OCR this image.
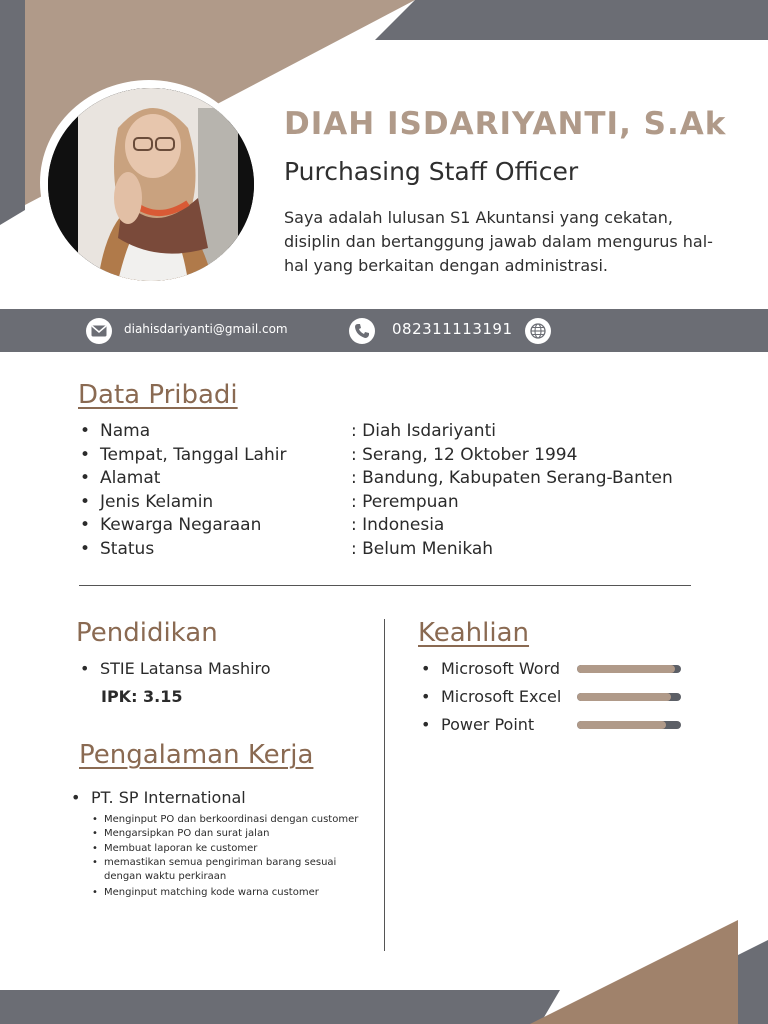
DIAH ISDARIYANTI, S.Ak
Purchasing Staff Officer
Saya adalah lulusan S1 Akuntansi yang cekatan, disiplin dan bertanggung jawab dalam mengurus hal-hal yang berkaitan dengan administrasi.
diahisdariyanti@gmail.com	082311113191
Data Pribadi
• Nama	: Diah Isdariyanti
• Tempat, Tanggal Lahir	: Serang, 12 Oktober 1994
• Alamat	: Bandung, Kabupaten Serang-Banten
• Jenis Kelamin	: Perempuan
• Kewarga Negaraan	: Indonesia
• Status	: Belum Menikah
Pendidikan
• STIE Latansa Mashiro
IPK: 3.15
Pengalaman Kerja
• PT. SP International
• Menginput PO dan berkoordinasi dengan customer
• Mengarsipkan PO dan surat jalan
• Membuat laporan ke customer
• memastikan semua pengiriman barang sesuai dengan waktu perkiraan
• Menginput matching kode warna customer
Keahlian
• Microsoft Word
• Microsoft Excel
• Power Point
